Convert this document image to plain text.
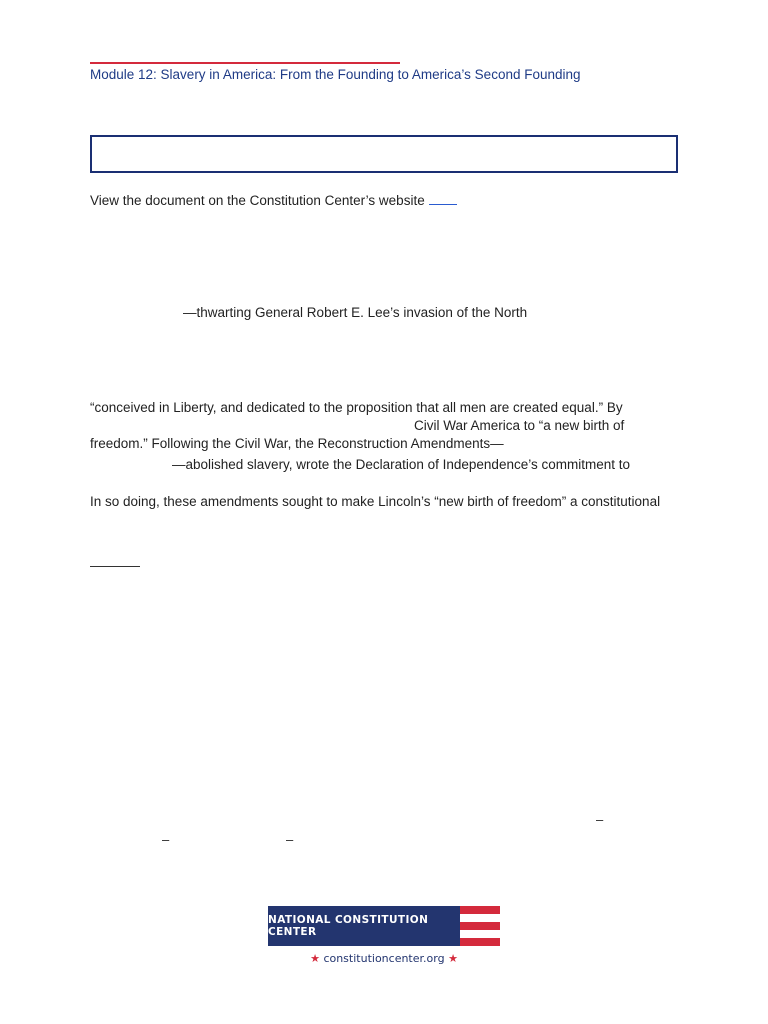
Module 12: Slavery in America: From the Founding to America’s Second Founding
View the document on the Constitution Center’s website
—thwarting General Robert E. Lee’s invasion of the North
“conceived in Liberty, and dedicated to the proposition that all men are created equal.” By
Civil War America to “a new birth of
freedom.” Following the Civil War, the Reconstruction Amendments—
—abolished slavery, wrote the Declaration of Independence’s commitment to
In so doing, these amendments sought to make Lincoln’s “new birth of freedom” a constitutional
–
–	–
NATIONAL CONSTITUTION CENTER
★ constitutioncenter.org ★
